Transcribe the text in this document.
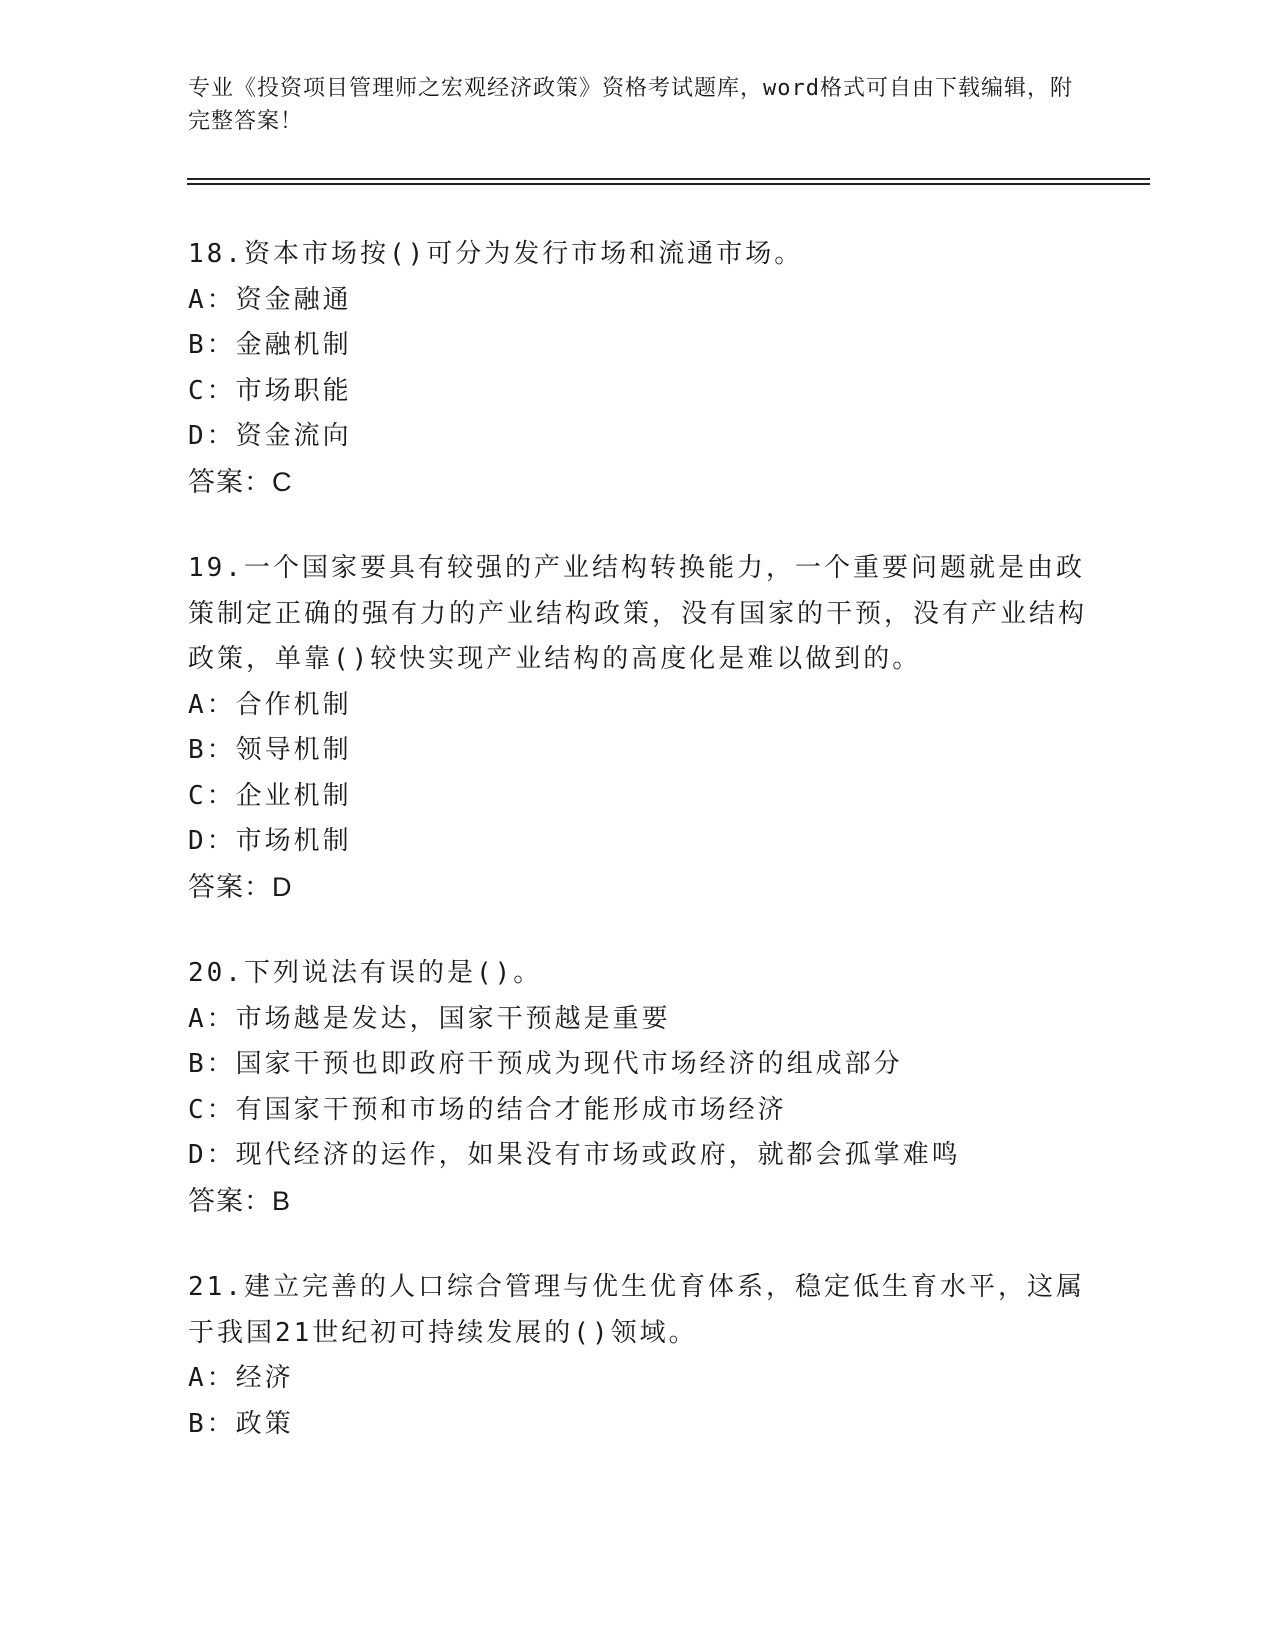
专业《投资项目管理师之宏观经济政策》资格考试题库，word格式可自由下载编辑，附完整答案！
18.资本市场按()可分为发行市场和流通市场。
A：资金融通
B：金融机制
C：市场职能
D：资金流向
答案：C
19.一个国家要具有较强的产业结构转换能力，一个重要问题就是由政策制定正确的强有力的产业结构政策，没有国家的干预，没有产业结构政策，单靠()较快实现产业结构的高度化是难以做到的。
A：合作机制
B：领导机制
C：企业机制
D：市场机制
答案：D
20.下列说法有误的是()。
A：市场越是发达，国家干预越是重要
B：国家干预也即政府干预成为现代市场经济的组成部分
C：有国家干预和市场的结合才能形成市场经济
D：现代经济的运作，如果没有市场或政府，就都会孤掌难鸣
答案：B
21.建立完善的人口综合管理与优生优育体系，稳定低生育水平，这属于我国21世纪初可持续发展的()领域。
A：经济
B：政策
